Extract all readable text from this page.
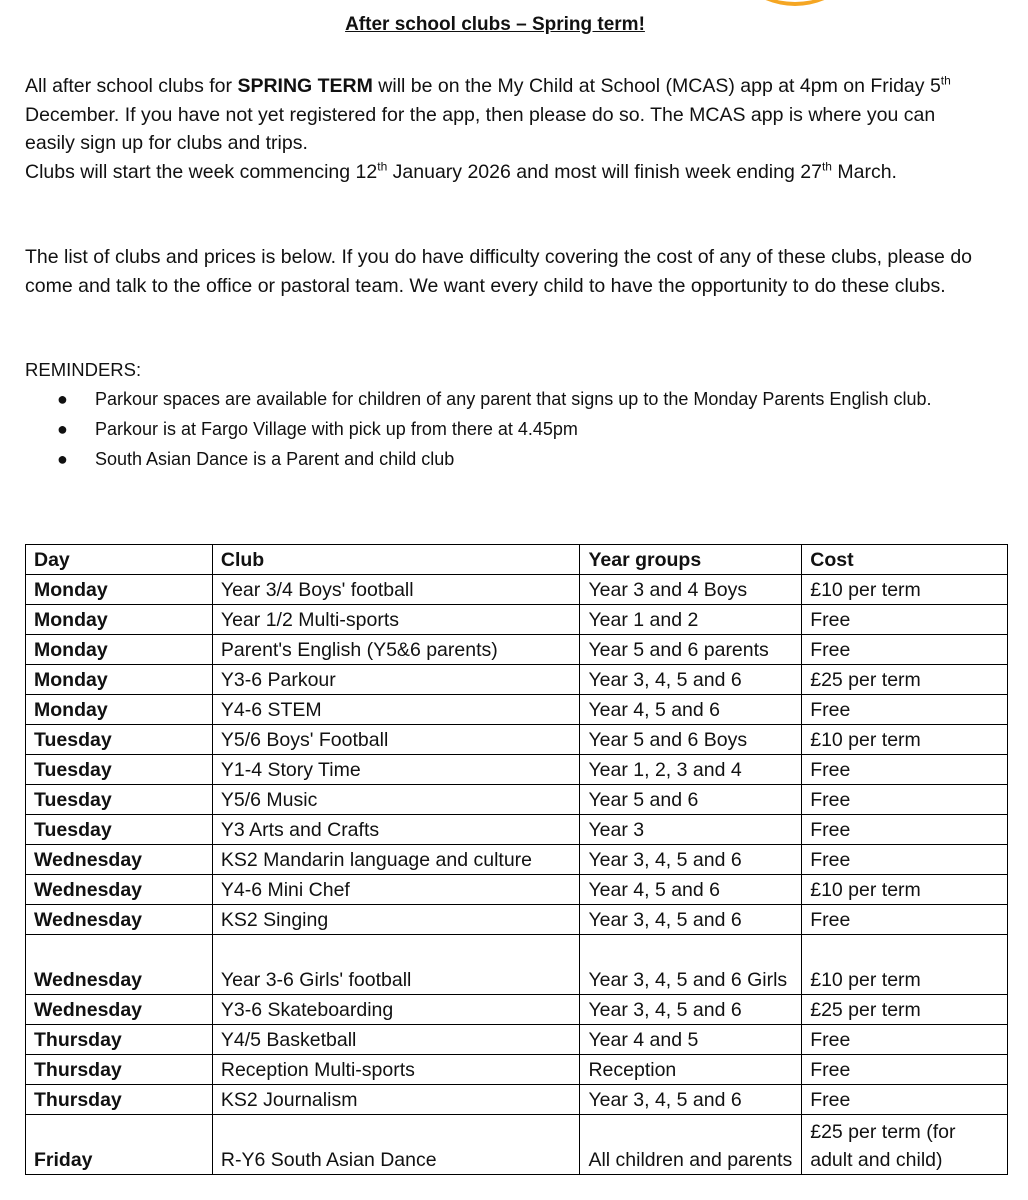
After school clubs – Spring term!

All after school clubs for SPRING TERM will be on the My Child at School (MCAS) app at 4pm on Friday 5th December. If you have not yet registered for the app, then please do so. The MCAS app is where you can easily sign up for clubs and trips.
Clubs will start the week commencing 12th January 2026 and most will finish week ending 27th March.

The list of clubs and prices is below. If you do have difficulty covering the cost of any of these clubs, please do come and talk to the office or pastoral team. We want every child to have the opportunity to do these clubs.

REMINDERS:
● Parkour spaces are available for children of any parent that signs up to the Monday Parents English club.
● Parkour is at Fargo Village with pick up from there at 4.45pm
● South Asian Dance is a Parent and child club
Day	Club	Year groups	Cost
Monday	Year 3/4 Boys' football	Year 3 and 4 Boys	£10 per term
Monday	Year 1/2 Multi-sports	Year 1 and 2	Free
Monday	Parent's English (Y5&6 parents)	Year 5 and 6 parents	Free
Monday	Y3-6 Parkour	Year 3, 4, 5 and 6	£25 per term
Monday	Y4-6 STEM	Year 4, 5 and 6	Free
Tuesday	Y5/6 Boys' Football	Year 5 and 6 Boys	£10 per term
Tuesday	Y1-4 Story Time	Year 1, 2, 3 and 4	Free
Tuesday	Y5/6 Music	Year 5 and 6	Free
Tuesday	Y3 Arts and Crafts	Year 3	Free
Wednesday	KS2 Mandarin language and culture	Year 3, 4, 5 and 6	Free
Wednesday	Y4-6 Mini Chef	Year 4, 5 and 6	£10 per term
Wednesday	KS2 Singing	Year 3, 4, 5 and 6	Free
Wednesday	Year 3-6 Girls' football	Year 3, 4, 5 and 6 Girls	£10 per term
Wednesday	Y3-6 Skateboarding	Year 3, 4, 5 and 6	£25 per term
Thursday	Y4/5 Basketball	Year 4 and 5	Free
Thursday	Reception Multi-sports	Reception	Free
Thursday	KS2 Journalism	Year 3, 4, 5 and 6	Free
Friday	R-Y6 South Asian Dance	All children and parents	£25 per term (for adult and child)
